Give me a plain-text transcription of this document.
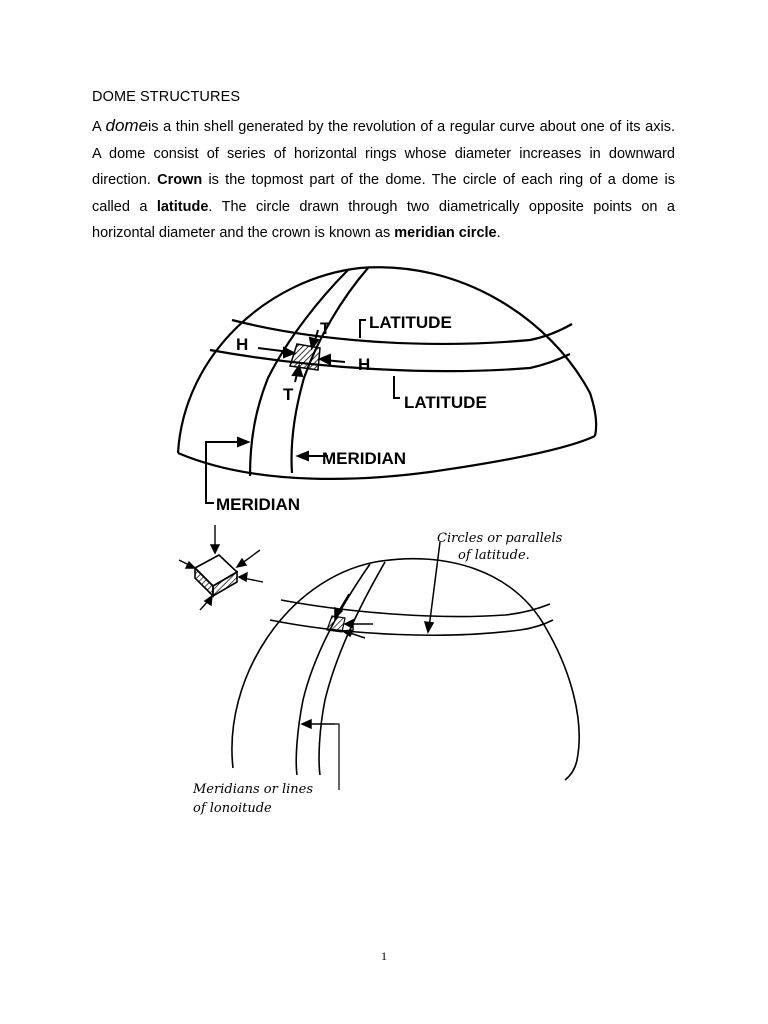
DOME STRUCTURES
A domeis a thin shell generated by the revolution of a regular curve about one of its axis. A dome consist of series of horizontal rings whose diameter increases in downward direction. Crown is the topmost part of the dome. The circle of each ring of a dome is called a latitude. The circle drawn through two diametrically opposite points on a horizontal diameter and the crown is known as meridian circle.
LATITUDE
LATITUDE
MERIDIAN
MERIDIAN
H
H
T
T
Circles or parallels
of latitude.
Meridians or lines
of lonoitude
1
